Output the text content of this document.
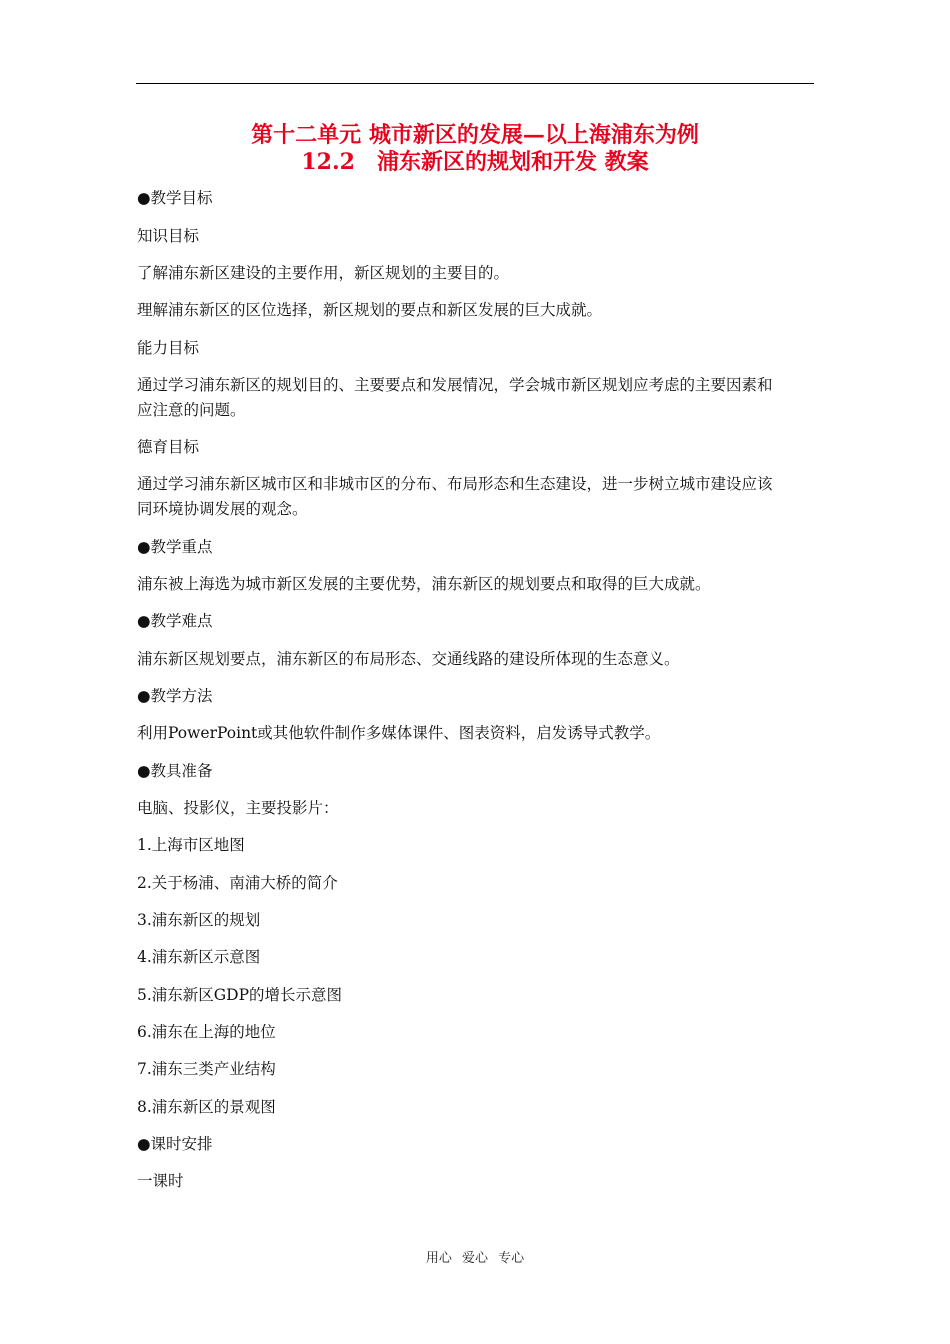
第十二单元 城市新区的发展—以上海浦东为例
12.2　浦东新区的规划和开发 教案
●教学目标
知识目标
了解浦东新区建设的主要作用，新区规划的主要目的。
理解浦东新区的区位选择，新区规划的要点和新区发展的巨大成就。
能力目标
通过学习浦东新区的规划目的、主要要点和发展情况，学会城市新区规划应考虑的主要因素和
应注意的问题。
德育目标
通过学习浦东新区城市区和非城市区的分布、布局形态和生态建设，进一步树立城市建设应该
同环境协调发展的观念。
●教学重点
浦东被上海选为城市新区发展的主要优势，浦东新区的规划要点和取得的巨大成就。
●教学难点
浦东新区规划要点，浦东新区的布局形态、交通线路的建设所体现的生态意义。
●教学方法
利用PowerPoint或其他软件制作多媒体课件、图表资料，启发诱导式教学。
●教具准备
电脑、投影仪，主要投影片：
1.上海市区地图
2.关于杨浦、南浦大桥的简介
3.浦东新区的规划
4.浦东新区示意图
5.浦东新区GDP的增长示意图
6.浦东在上海的地位
7.浦东三类产业结构
8.浦东新区的景观图
●课时安排
一课时
用心 爱心 专心
